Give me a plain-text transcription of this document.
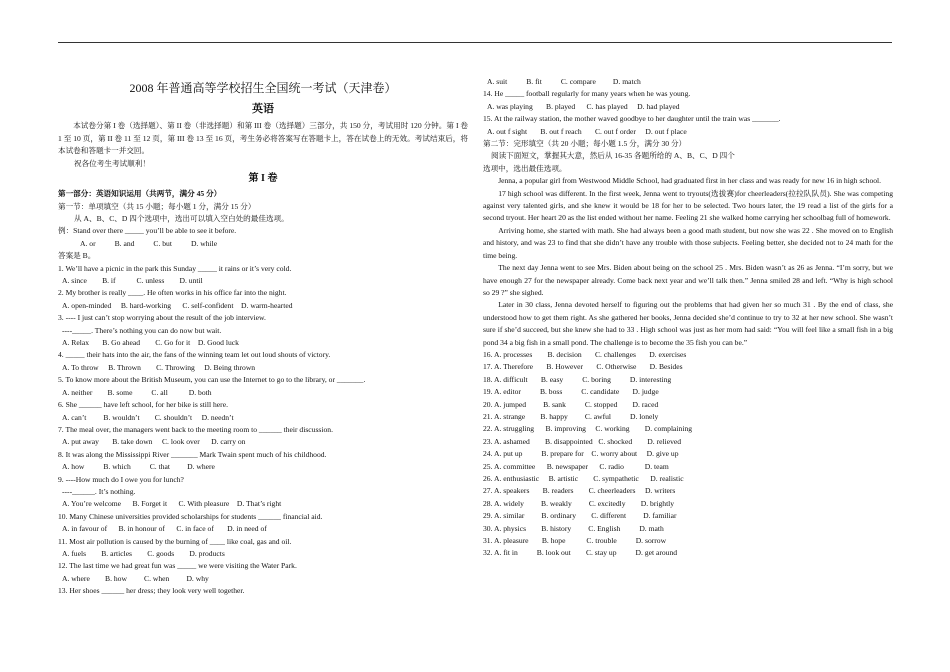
2008 年普通高等学校招生全国统一考试（天津卷）
英语
本试卷分第 I 卷（选择题）、第 II 卷（非选择题）和第 III 卷（选择题）三部分，共 150 分，考试用时 120 分钟。第 I 卷 1 至 10 页，第 II 卷 11 至 12 页，第 III 卷 13 至 16 页，考生务必将答案写在答题卡上，答在试卷上的无效。考试结束后，将本试卷和答题卡一并交回。
祝各位考生考试顺利！
第 I 卷
第一部分：英语知识运用（共两节，满分 45 分）
第一节：单项填空（共 15 小题；每小题 1 分，满分 15 分）
从 A、B、C、D 四个选项中，选出可以填入空白处的最佳选项。
例：Stand over there _____ you’ll be able to see it before.
A. or          B. and          C. but          D. while
答案是 B。
1. We’ll have a picnic in the park this Sunday _____ it rains or it’s very cold.
A. since        B. if           C. unless        D. until
2. My brother is really ____. He often works in his office far into the night.
A. open-minded     B. hard-working      C. self-confident    D. warm-hearted
3. ---- I just can’t stop worrying about the result of the job interview.
----_____. There’s nothing you can do now but wait.
A. Relax       B. Go ahead        C. Go for it    D. Good luck
4. _____ their hats into the air, the fans of the winning team let out loud shouts of victory.
A. To throw     B. Thrown        C. Throwing     D. Being thrown
5. To know more about the British Museum, you can use the Internet to go to the library, or _______.
A. neither        B. some          C. all           D. both
6. She ______ have left school, for her bike is still here.
A. can’t         B. wouldn’t        C. shouldn’t     D. needn’t
7. The meal over, the managers went back to the meeting room to ______ their discussion.
A. put away       B. take down     C. look over      D. carry on
8. It was along the Mississippi River _______ Mark Twain spent much of his childhood.
A. how          B. which          C. that         D. where
9. ----How much do I owe you for lunch?
----______. It’s nothing.
A. You’re welcome      B. Forget it      C. With pleasure    D. That’s right
10. Many Chinese universities provided scholarships for students ______ financial aid.
A. in favour of      B. in honour of      C. in face of       D. in need of
11. Most air pollution is caused by the burning of ____ like coal, gas and oil.
A. fuels        B. articles        C. goods        D. products
12. The last time we had great fun was _____ we were visiting the Water Park.
A. where        B. how         C. when         D. why
13. Her shoes ______ her dress; they look very well together.
A. suit          B. fit          C. compare         D. match
14. He _____ football regularly for many years when he was young.
A. was playing       B. played      C. has played     D. had played
15. At the railway station, the mother waved goodbye to her daughter until the train was _______.
A. out f sight       B. out f reach       C. out f order     D. out f place
第二节：完形填空（共 20 小题；每小题 1.5 分，满分 30 分）
阅读下面短文，掌握其大意，然后从 16-35 各题所给的 A、B、C、D 四个
选项中，选出最佳选项。
Jenna, a popular girl from Westwood Middle School, had graduated first in her class and was ready for new 16 in high school.
17 high school was different. In the first week, Jenna went to tryouts(选拔赛)for cheerleaders(拉拉队队员). She was competing against very talented girls, and she knew it would be 18 for her to be selected. Two hours later, the 19 read a list of the girls for a second tryout. Her heart 20 as the list ended without her name. Feeling 21 she walked home carrying her schoolbag full of homework.
Arriving home, she started with math. She had always been a good math student, but now she was 22 . She moved on to English and history, and was 23 to find that she didn’t have any trouble with those subjects. Feeling better, she decided not to 24 math for the time being.
The next day Jenna went to see Mrs. Biden about being on the school 25 . Mrs. Biden wasn’t as 26 as Jenna. “I’m sorry, but we have enough 27 for the newspaper already. Come back next year and we’ll talk then.” Jenna smiled 28 and left. “Why is high school so 29 ?” she sighed.
Later in 30 class, Jenna devoted herself to figuring out the problems that had given her so much 31 . By the end of class, she understood how to get them right. As she gathered her books, Jenna decided she’d continue to try to 32 at her new school. She wasn’t sure if she’d succeed, but she knew she had to 33 . High school was just as her mom had said: “You will feel like a small fish in a big pond 34 a big fish in a small pond. The challenge is to become the 35 fish you can be.”
16. A. processes        B. decision       C. challenges       D. exercises
17. A. Therefore       B. However       C. Otherwise       D. Besides
18. A. difficult       B. easy          C. boring          D. interesting
19. A. editor          B. boss          C. candidate       D. judge
20. A. jumped         B. sank          C. stopped        D. raced
21. A. strange        B. happy         C. awful          D. lonely
22. A. struggling      B. improving     C. working        D. complaining
23. A. ashamed        B. disappointed   C. shocked        D. relieved
24. A. put up          B. prepare for    C. worry about     D. give up
25. A. committee      B. newspaper      C. radio           D. team
26. A. enthusiastic     B. artistic        C. sympathetic      D. realistic
27. A. speakers       B. readers        C. cheerleaders     D. writers
28. A. widely         B. weakly         C. excitedly        D. brightly
29. A. similar         B. ordinary        C. different         D. familiar
30. A. physics        B. history         C. English          D. math
31. A. pleasure       B. hope           C. trouble          D. sorrow
32. A. fit in          B. look out        C. stay up          D. get around
